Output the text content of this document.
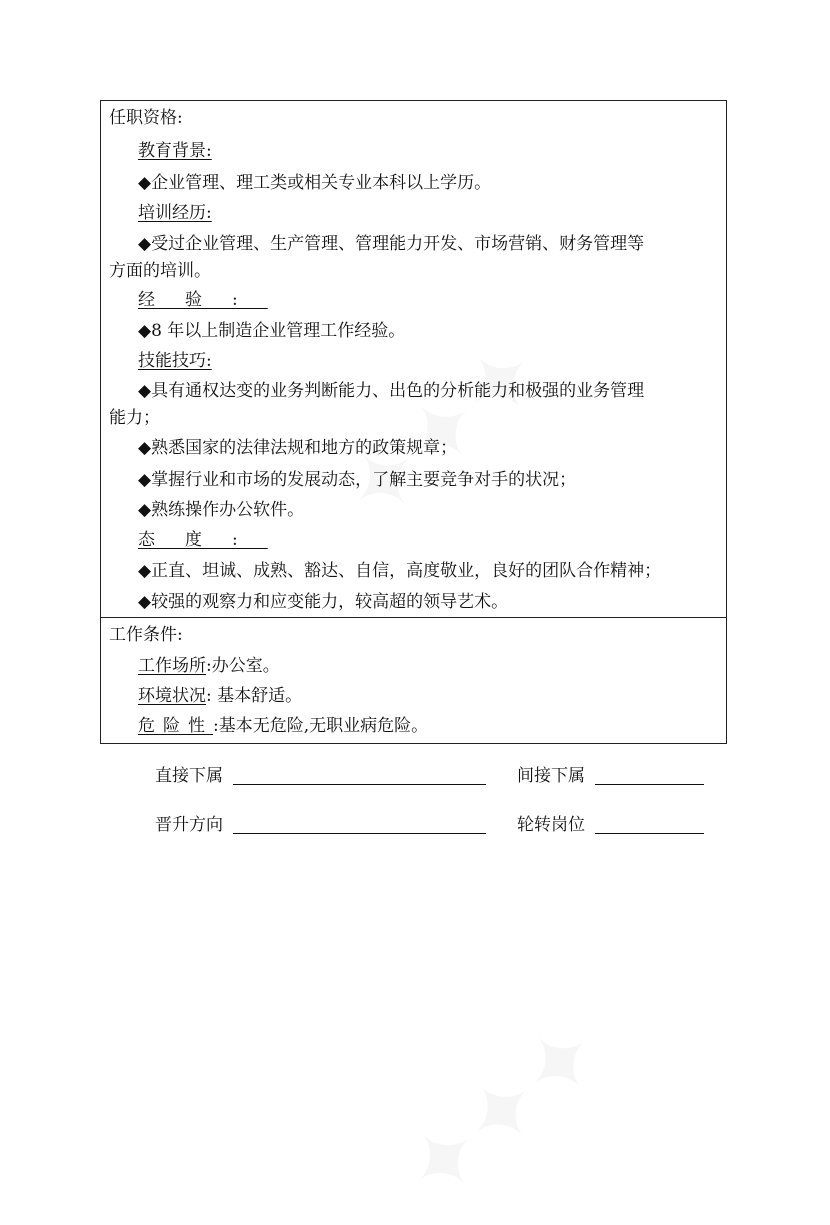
任职资格:
教育背景:
◆企业管理、理工类或相关专业本科以上学历。
培训经历:
◆受过企业管理、生产管理、管理能力开发、市场营销、财务管理等
方面的培训。
经验:
◆8 年以上制造企业管理工作经验。
技能技巧:
◆具有通权达变的业务判断能力、出色的分析能力和极强的业务管理
能力；
◆熟悉国家的法律法规和地方的政策规章；
◆掌握行业和市场的发展动态，了解主要竞争对手的状况；
◆熟练操作办公软件。
态度:
◆正直、坦诚、成熟、豁达、自信，高度敬业，良好的团队合作精神；
◆较强的观察力和应变能力，较高超的领导艺术。
工作条件:
工作场所:办公室。
环境状况: 基本舒适。
危险性:基本无危险,无职业病危险。
直接下属	间接下属
晋升方向	轮转岗位
